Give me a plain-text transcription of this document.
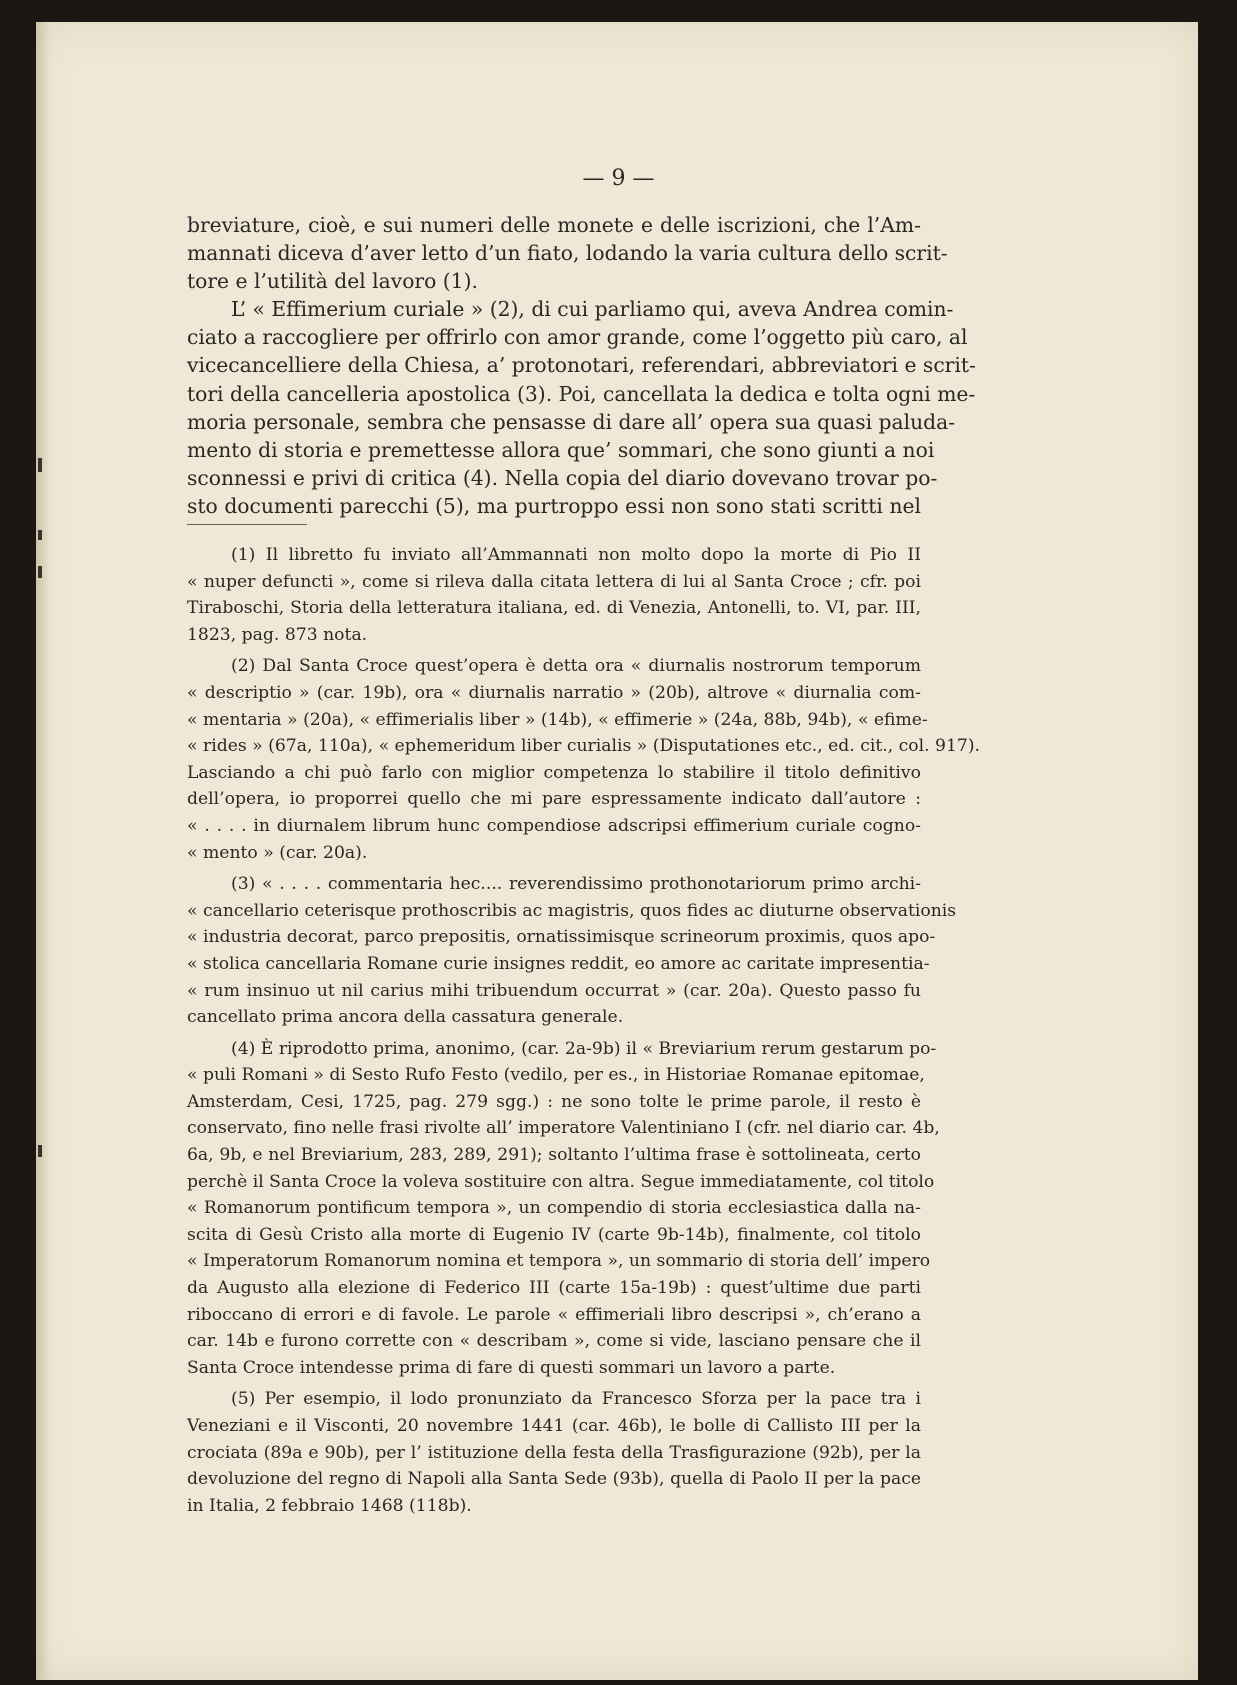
— 9 —
breviature, cioè, e sui numeri delle monete e delle iscrizioni, che l’Am-
mannati diceva d’aver letto d’un fiato, lodando la varia cultura dello scrit-
tore e l’utilità del lavoro (1).
L’ « Effimerium curiale » (2), di cui parliamo qui, aveva Andrea comin-
ciato a raccogliere per offrirlo con amor grande, come l’oggetto più caro, al
vicecancelliere della Chiesa, a’ protonotari, referendari, abbreviatori e scrit-
tori della cancelleria apostolica (3). Poi, cancellata la dedica e tolta ogni me-
moria personale, sembra che pensasse di dare all’ opera sua quasi paluda-
mento di storia e premettesse allora que’ sommari, che sono giunti a noi
sconnessi e privi di critica (4). Nella copia del diario dovevano trovar po-
sto documenti parecchi (5), ma purtroppo essi non sono stati scritti nel
(1) Il libretto fu inviato all’Ammannati non molto dopo la morte di Pio II
« nuper defuncti », come si rileva dalla citata lettera di lui al Santa Croce ; cfr. poi
Tiraboschi, Storia della letteratura italiana, ed. di Venezia, Antonelli, to. VI, par. III,
1823, pag. 873 nota.
(2) Dal Santa Croce quest’opera è detta ora « diurnalis nostrorum temporum
« descriptio » (car. 19b), ora « diurnalis narratio » (20b), altrove « diurnalia com-
« mentaria » (20a), « effimerialis liber » (14b), « effimerie » (24a, 88b, 94b), « efime-
« rides » (67a, 110a), « ephemeridum liber curialis » (Disputationes etc., ed. cit., col. 917).
Lasciando a chi può farlo con miglior competenza lo stabilire il titolo definitivo
dell’opera, io proporrei quello che mi pare espressamente indicato dall’autore :
« . . . . in diurnalem librum hunc compendiose adscripsi effimerium curiale cogno-
« mento » (car. 20a).
(3) « . . . . commentaria hec.... reverendissimo prothonotariorum primo archi-
« cancellario ceterisque prothoscribis ac magistris, quos fides ac diuturne observationis
« industria decorat, parco prepositis, ornatissimisque scrineorum proximis, quos apo-
« stolica cancellaria Romane curie insignes reddit, eo amore ac caritate impresentia-
« rum insinuo ut nil carius mihi tribuendum occurrat » (car. 20a). Questo passo fu
cancellato prima ancora della cassatura generale.
(4) È riprodotto prima, anonimo, (car. 2a-9b) il « Breviarium rerum gestarum po-
« puli Romani » di Sesto Rufo Festo (vedilo, per es., in Historiae Romanae epitomae,
Amsterdam, Cesi, 1725, pag. 279 sgg.) : ne sono tolte le prime parole, il resto è
conservato, fino nelle frasi rivolte all’ imperatore Valentiniano I (cfr. nel diario car. 4b,
6a, 9b, e nel Breviarium, 283, 289, 291); soltanto l’ultima frase è sottolineata, certo
perchè il Santa Croce la voleva sostituire con altra. Segue immediatamente, col titolo
« Romanorum pontificum tempora », un compendio di storia ecclesiastica dalla na-
scita di Gesù Cristo alla morte di Eugenio IV (carte 9b-14b), finalmente, col titolo
« Imperatorum Romanorum nomina et tempora », un sommario di storia dell’ impero
da Augusto alla elezione di Federico III (carte 15a-19b) : quest’ultime due parti
riboccano di errori e di favole. Le parole « effimeriali libro descripsi », ch’erano a
car. 14b e furono corrette con « describam », come si vide, lasciano pensare che il
Santa Croce intendesse prima di fare di questi sommari un lavoro a parte.
(5) Per esempio, il lodo pronunziato da Francesco Sforza per la pace tra i
Veneziani e il Visconti, 20 novembre 1441 (car. 46b), le bolle di Callisto III per la
crociata (89a e 90b), per l’ istituzione della festa della Trasfigurazione (92b), per la
devoluzione del regno di Napoli alla Santa Sede (93b), quella di Paolo II per la pace
in Italia, 2 febbraio 1468 (118b).
